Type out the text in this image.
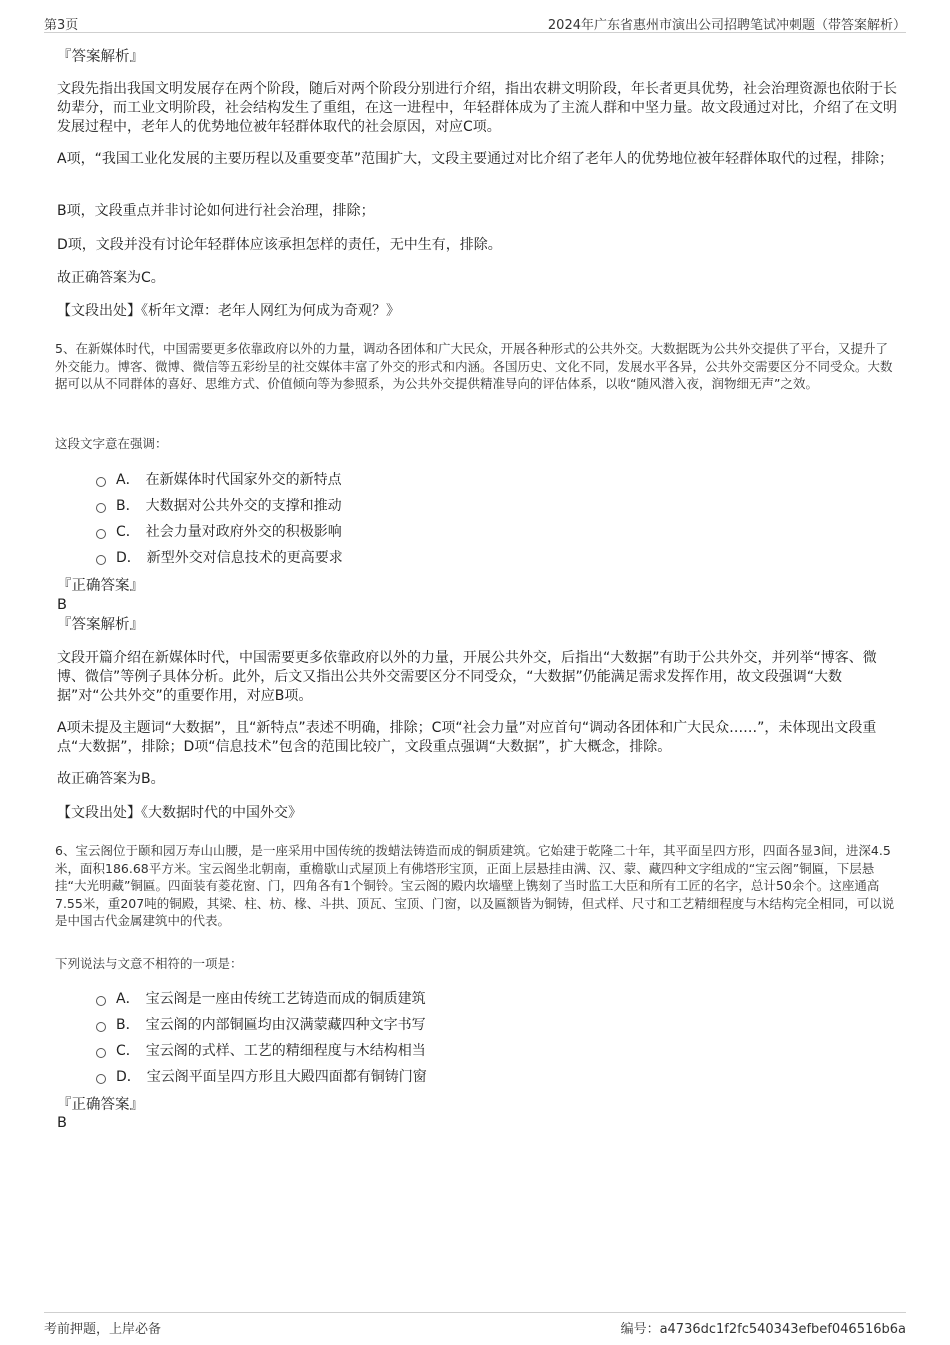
第3页	2024年广东省惠州市演出公司招聘笔试冲刺题（带答案解析）
『答案解析』
文段先指出我国文明发展存在两个阶段，随后对两个阶段分别进行介绍，指出农耕文明阶段，年长者更具优势，社会治理资源也依附于长幼辈分，而工业文明阶段，社会结构发生了重组，在这一进程中，年轻群体成为了主流人群和中坚力量。故文段通过对比，介绍了在文明发展过程中，老年人的优势地位被年轻群体取代的社会原因，对应C项。
A项，“我国工业化发展的主要历程以及重要变革”范围扩大，文段主要通过对比介绍了老年人的优势地位被年轻群体取代的过程，排除；
B项，文段重点并非讨论如何进行社会治理，排除；
D项，文段并没有讨论年轻群体应该承担怎样的责任，无中生有，排除。
故正确答案为C。
【文段出处】《析年文潭：老年人网红为何成为奇观？》
5、在新媒体时代，中国需要更多依靠政府以外的力量，调动各团体和广大民众，开展各种形式的公共外交。大数据既为公共外交提供了平台，又提升了外交能力。博客、微博、微信等五彩纷呈的社交媒体丰富了外交的形式和内涵。各国历史、文化不同，发展水平各异，公共外交需要区分不同受众。大数据可以从不同群体的喜好、思维方式、价值倾向等为参照系，为公共外交提供精准导向的评估体系，以收“随风潜入夜，润物细无声”之效。
这段文字意在强调：
A． 在新媒体时代国家外交的新特点
B． 大数据对公共外交的支撑和推动
C． 社会力量对政府外交的积极影响
D． 新型外交对信息技术的更高要求
『正确答案』
B
『答案解析』
文段开篇介绍在新媒体时代，中国需要更多依靠政府以外的力量，开展公共外交，后指出“大数据”有助于公共外交，并列举“博客、微博、微信”等例子具体分析。此外，后文又指出公共外交需要区分不同受众，“大数据”仍能满足需求发挥作用，故文段强调“大数据”对“公共外交”的重要作用，对应B项。
A项未提及主题词“大数据”，且“新特点”表述不明确，排除；C项“社会力量”对应首句“调动各团体和广大民众……”，未体现出文段重点“大数据”，排除；D项“信息技术”包含的范围比较广，文段重点强调“大数据”，扩大概念，排除。
故正确答案为B。
【文段出处】《大数据时代的中国外交》
6、宝云阁位于颐和园万寿山山腰，是一座采用中国传统的拨蜡法铸造而成的铜质建筑。它始建于乾隆二十年，其平面呈四方形，四面各显3间，进深4.5米，面积186.68平方米。宝云阁坐北朝南，重檐歇山式屋顶上有佛塔形宝顶，正面上层悬挂由满、汉、蒙、藏四种文字组成的“宝云阁”铜匾，下层悬挂“大光明藏”铜匾。四面装有菱花窗、门，四角各有1个铜铃。宝云阁的殿内坎墙壁上镌刻了当时监工大臣和所有工匠的名字，总计50余个。这座通高7.55米，重207吨的铜殿，其梁、柱、枋、椽、斗拱、顶瓦、宝顶、门窗，以及匾额皆为铜铸，但式样、尺寸和工艺精细程度与木结构完全相同，可以说是中国古代金属建筑中的代表。
下列说法与文意不相符的一项是：
A． 宝云阁是一座由传统工艺铸造而成的铜质建筑
B． 宝云阁的内部铜匾均由汉满蒙藏四种文字书写
C． 宝云阁的式样、工艺的精细程度与木结构相当
D． 宝云阁平面呈四方形且大殿四面都有铜铸门窗
『正确答案』
B
考前押题，上岸必备	编号：a4736dc1f2fc540343efbef046516b6a
